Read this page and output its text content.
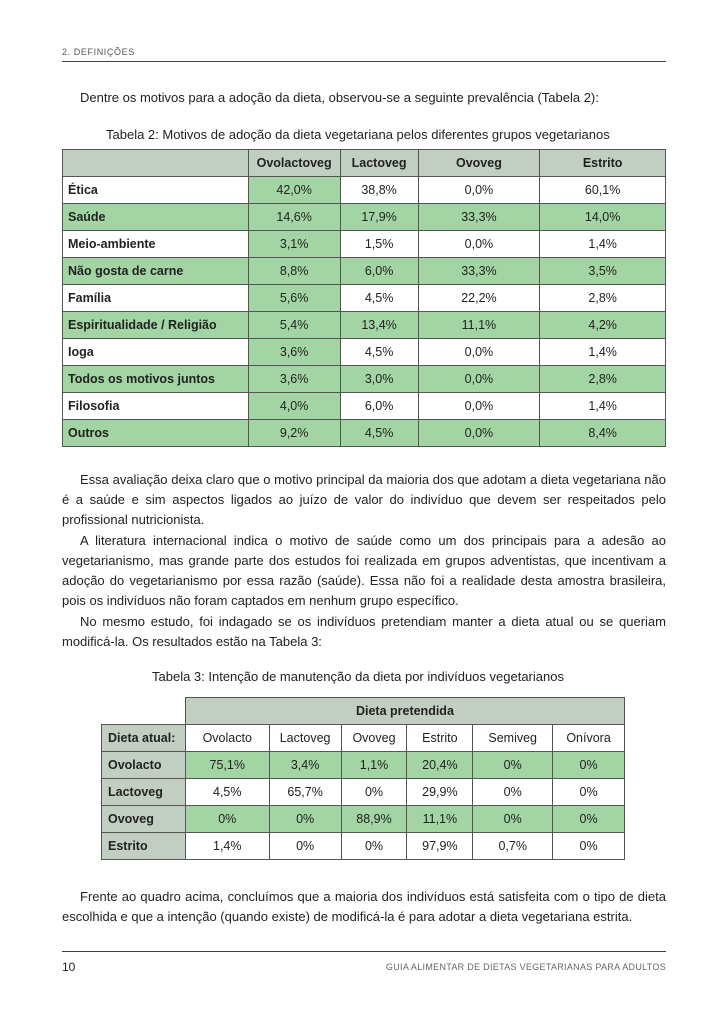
2. DEFINIÇÕES

Dentre os motivos para a adoção da dieta, observou-se a seguinte prevalência (Tabela 2):

Tabela 2: Motivos de adoção da dieta vegetariana pelos diferentes grupos vegetarianos

	Ovolactoveg	Lactoveg	Ovoveg	Estrito
Ética	42,0%	38,8%	0,0%	60,1%
Saúde	14,6%	17,9%	33,3%	14,0%
Meio-ambiente	3,1%	1,5%	0,0%	1,4%
Não gosta de carne	8,8%	6,0%	33,3%	3,5%
Família	5,6%	4,5%	22,2%	2,8%
Espiritualidade / Religião	5,4%	13,4%	11,1%	4,2%
Ioga	3,6%	4,5%	0,0%	1,4%
Todos os motivos juntos	3,6%	3,0%	0,0%	2,8%
Filosofia	4,0%	6,0%	0,0%	1,4%
Outros	9,2%	4,5%	0,0%	8,4%

Essa avaliação deixa claro que o motivo principal da maioria dos que adotam a dieta vegetariana não é a saúde e sim aspectos ligados ao juízo de valor do indivíduo que devem ser respeitados pelo profissional nutricionista.

A literatura internacional indica o motivo de saúde como um dos principais para a adesão ao vegetarianismo, mas grande parte dos estudos foi realizada em grupos adventistas, que incentivam a adoção do vegetarianismo por essa razão (saúde). Essa não foi a realidade desta amostra brasileira, pois os indivíduos não foram captados em nenhum grupo específico.

No mesmo estudo, foi indagado se os indivíduos pretendiam manter a dieta atual ou se queriam modificá-la. Os resultados estão na Tabela 3:

Tabela 3: Intenção de manutenção da dieta por indivíduos vegetarianos

	Dieta pretendida					
Dieta atual:	Ovolacto	Lactoveg	Ovoveg	Estrito	Semiveg	Onívora
Ovolacto	75,1%	3,4%	1,1%	20,4%	0%	0%
Lactoveg	4,5%	65,7%	0%	29,9%	0%	0%
Ovoveg	0%	0%	88,9%	11,1%	0%	0%
Estrito	1,4%	0%	0%	97,9%	0,7%	0%

Frente ao quadro acima, concluímos que a maioria dos indivíduos está satisfeita com o tipo de dieta escolhida e que a intenção (quando existe) de modificá-la é para adotar a dieta vegetariana estrita.

10	GUIA ALIMENTAR DE DIETAS VEGETARIANAS PARA ADULTOS
